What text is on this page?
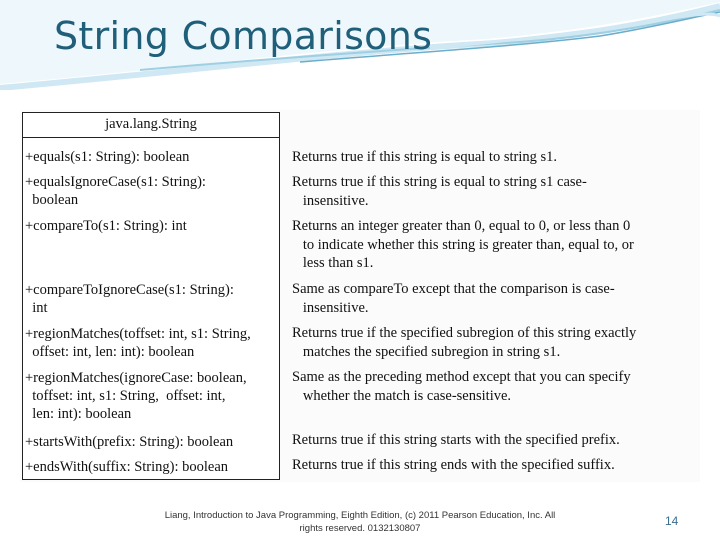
String Comparisons
java.lang.String
+equals(s1: String): boolean
+equalsIgnoreCase(s1: String):
boolean
+compareTo(s1: String): int
+compareToIgnoreCase(s1: String):
int
+regionMatches(toffset: int, s1: String,
offset: int, len: int): boolean
+regionMatches(ignoreCase: boolean,
toffset: int, s1: String,  offset: int,
len: int): boolean
+startsWith(prefix: String): boolean
+endsWith(suffix: String): boolean
Returns true if this string is equal to string s1.
Returns true if this string is equal to string s1 case-
insensitive.
Returns an integer greater than 0, equal to 0, or less than 0
to indicate whether this string is greater than, equal to, or
less than s1.
Same as compareTo except that the comparison is case-
insensitive.
Returns true if the specified subregion of this string exactly
matches the specified subregion in string s1.
Same as the preceding method except that you can specify
whether the match is case-sensitive.
Returns true if this string starts with the specified prefix.
Returns true if this string ends with the specified suffix.
Liang, Introduction to Java Programming, Eighth Edition, (c) 2011 Pearson Education, Inc. All
rights reserved. 0132130807
14
